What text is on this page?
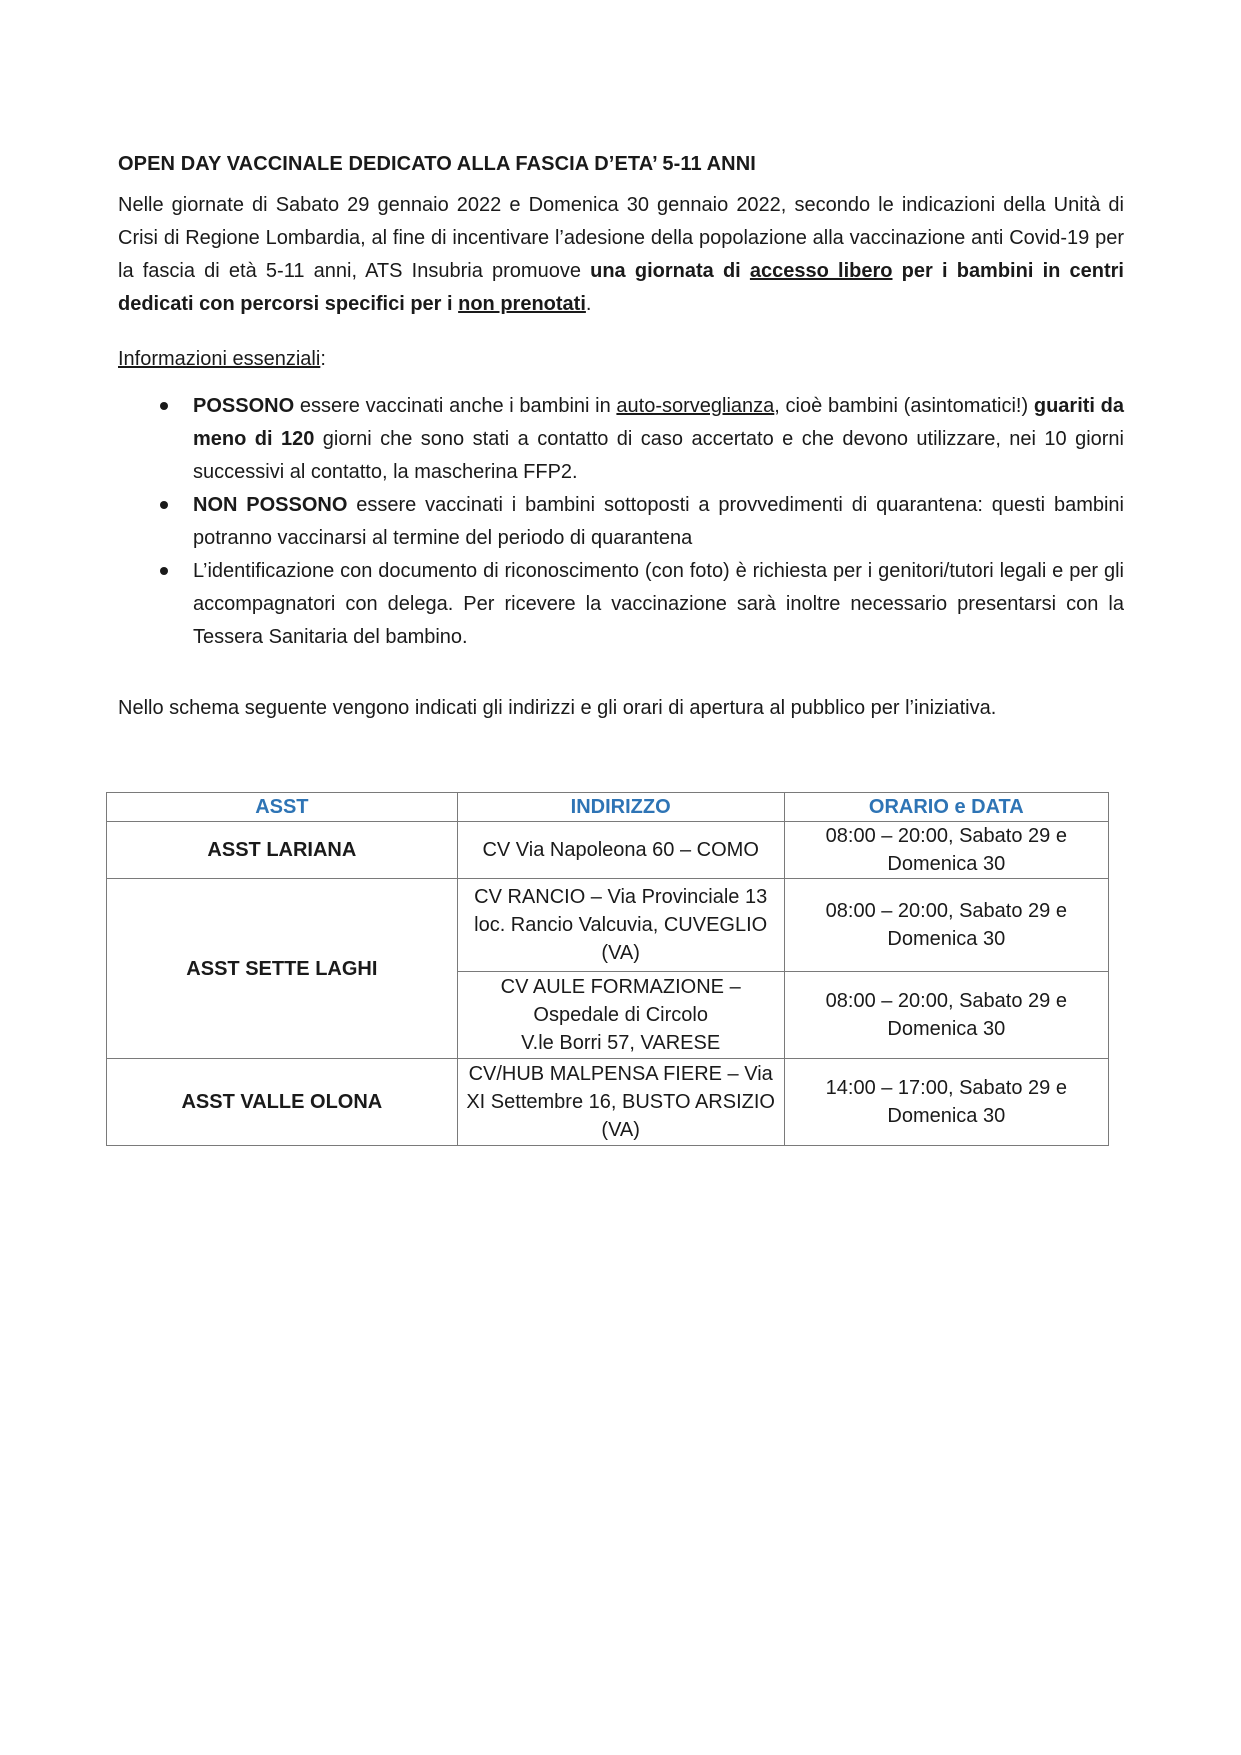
OPEN DAY VACCINALE DEDICATO ALLA FASCIA D’ETA’ 5-11 ANNI

Nelle giornate di Sabato 29 gennaio 2022 e Domenica 30 gennaio 2022, secondo le indicazioni della Unità di Crisi di Regione Lombardia, al fine di incentivare l’adesione della popolazione alla vaccinazione anti Covid-19 per la fascia di età 5-11 anni, ATS Insubria promuove una giornata di accesso libero per i bambini in centri dedicati con percorsi specifici per i non prenotati.

Informazioni essenziali:

POSSONO essere vaccinati anche i bambini in auto-sorveglianza, cioè bambini (asintomatici!) guariti da meno di 120 giorni che sono stati a contatto di caso accertato e che devono utilizzare, nei 10 giorni successivi al contatto, la mascherina FFP2.
NON POSSONO essere vaccinati i bambini sottoposti a provvedimenti di quarantena: questi bambini potranno vaccinarsi al termine del periodo di quarantena
L’identificazione con documento di riconoscimento (con foto) è richiesta per i genitori/tutori legali e per gli accompagnatori con delega. Per ricevere la vaccinazione sarà inoltre necessario presentarsi con la Tessera Sanitaria del bambino.

Nello schema seguente vengono indicati gli indirizzi e gli orari di apertura al pubblico per l’iniziativa.

ASST	INDIRIZZO	ORARIO e DATA
ASST LARIANA	CV Via Napoleona 60 – COMO	08:00 – 20:00, Sabato 29 e Domenica 30
ASST SETTE LAGHI	CV RANCIO – Via Provinciale 13 loc. Rancio Valcuvia, CUVEGLIO (VA)	08:00 – 20:00, Sabato 29 e Domenica 30

	CV AULE FORMAZIONE –
Ospedale di Circolo
V.le Borri 57, VARESE	08:00 – 20:00, Sabato 29 e Domenica 30
ASST VALLE OLONA	CV/HUB MALPENSA FIERE – Via XI Settembre 16, BUSTO ARSIZIO (VA)	14:00 – 17:00, Sabato 29 e Domenica 30
